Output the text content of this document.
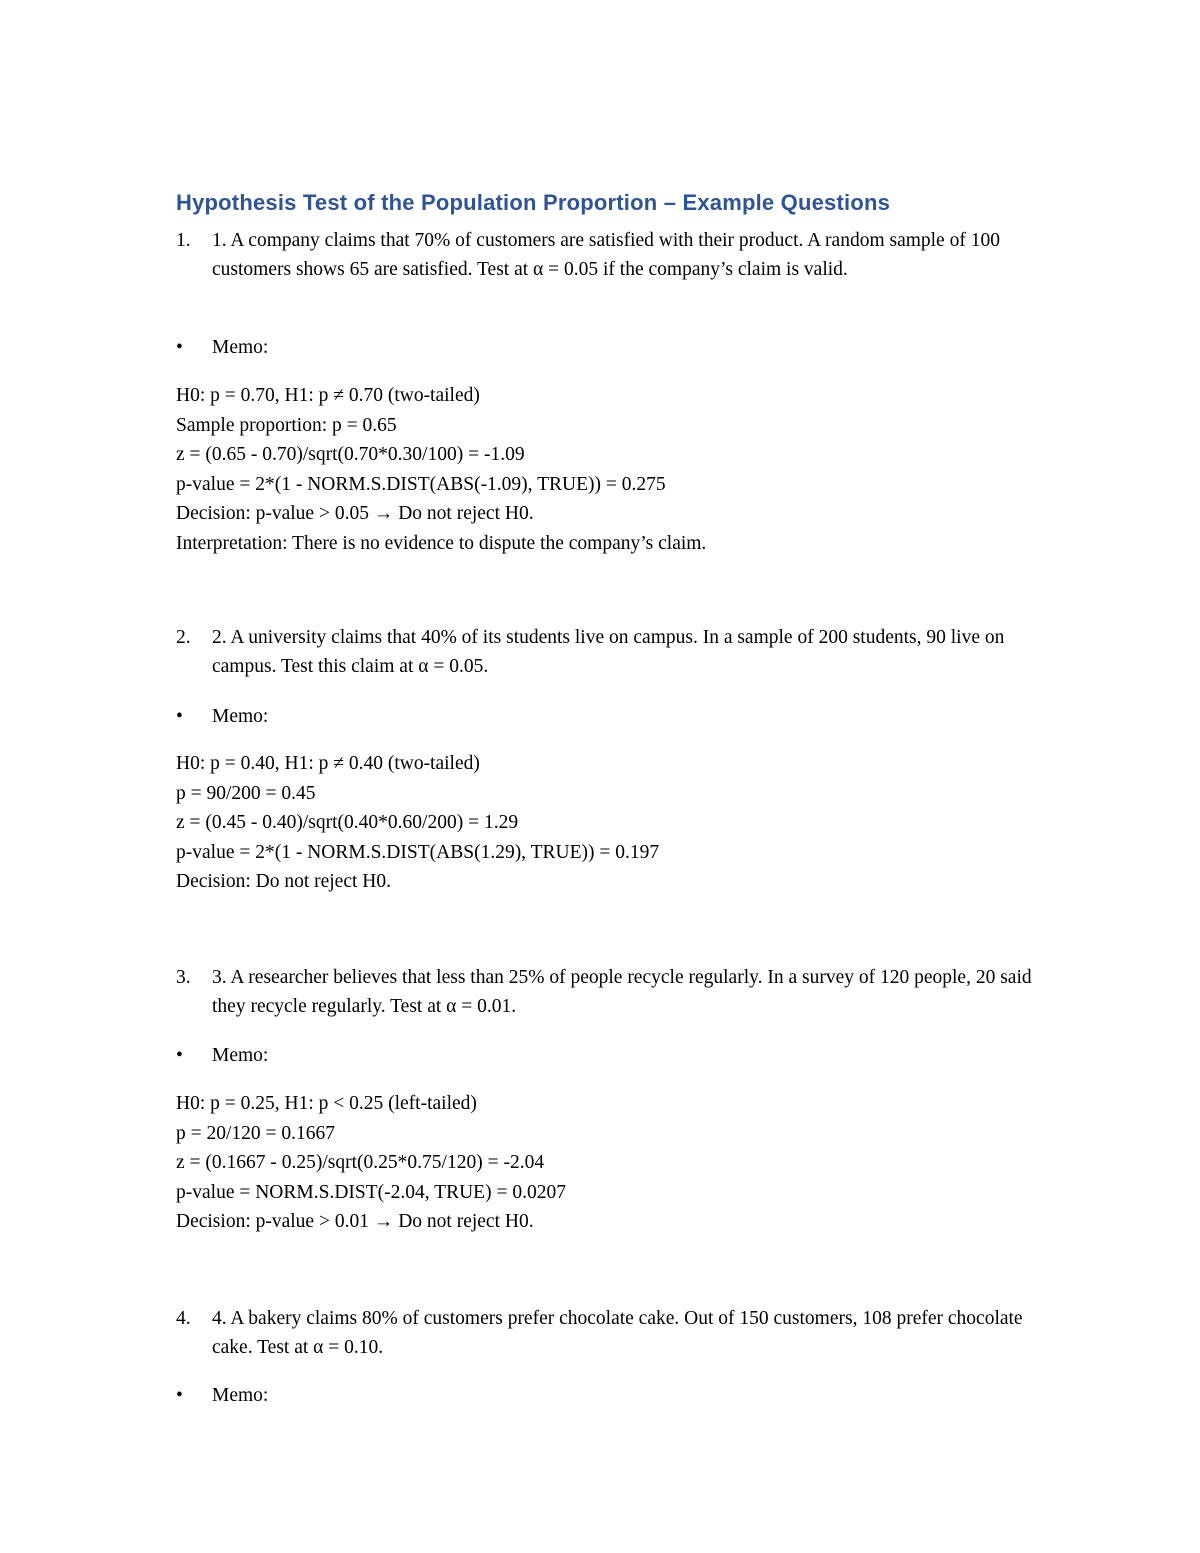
Hypothesis Test of the Population Proportion – Example Questions
1. 1. A company claims that 70% of customers are satisfied with their product. A random sample of 100 customers shows 65 are satisfied. Test at α = 0.05 if the company’s claim is valid.
• Memo:
H0: p = 0.70, H1: p ≠ 0.70 (two-tailed)
Sample proportion: p = 0.65
z = (0.65 - 0.70)/sqrt(0.70*0.30/100) = -1.09
p-value = 2*(1 - NORM.S.DIST(ABS(-1.09), TRUE)) = 0.275
Decision: p-value > 0.05 → Do not reject H0.
Interpretation: There is no evidence to dispute the company’s claim.
2. 2. A university claims that 40% of its students live on campus. In a sample of 200 students, 90 live on campus. Test this claim at α = 0.05.
• Memo:
H0: p = 0.40, H1: p ≠ 0.40 (two-tailed)
p = 90/200 = 0.45
z = (0.45 - 0.40)/sqrt(0.40*0.60/200) = 1.29
p-value = 2*(1 - NORM.S.DIST(ABS(1.29), TRUE)) = 0.197
Decision: Do not reject H0.
3. 3. A researcher believes that less than 25% of people recycle regularly. In a survey of 120 people, 20 said they recycle regularly. Test at α = 0.01.
• Memo:
H0: p = 0.25, H1: p < 0.25 (left-tailed)
p = 20/120 = 0.1667
z = (0.1667 - 0.25)/sqrt(0.25*0.75/120) = -2.04
p-value = NORM.S.DIST(-2.04, TRUE) = 0.0207
Decision: p-value > 0.01 → Do not reject H0.
4. 4. A bakery claims 80% of customers prefer chocolate cake. Out of 150 customers, 108 prefer chocolate cake. Test at α = 0.10.
• Memo:
